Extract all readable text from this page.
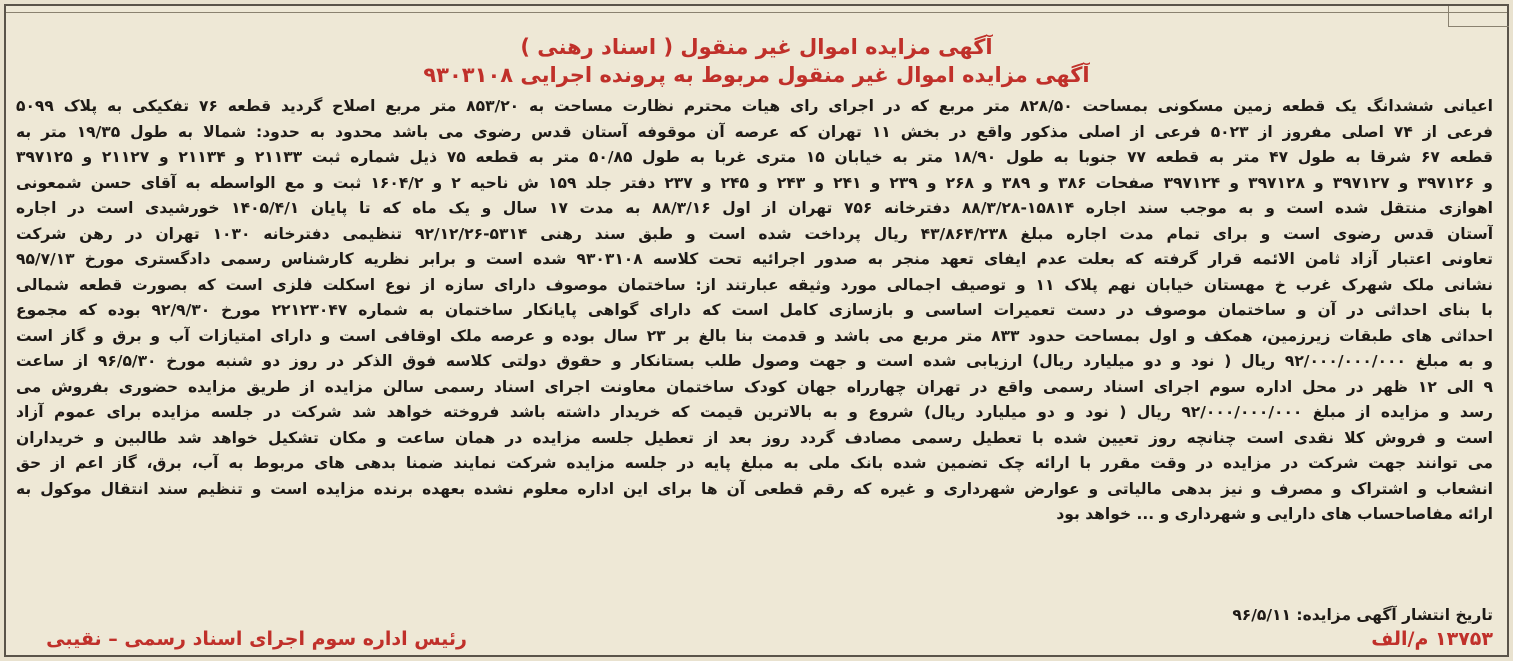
آگهی مزایده اموال غیر منقول ( اسناد رهنی )

آگهی مزایده اموال غیر منقول مربوط به پرونده اجرایی ۹۳۰۳۱۰۸

اعیانی ششدانگ یک قطعه زمین مسکونی بمساحت ۸۲۸/۵۰ متر مربع که در اجرای رای هیات محترم نظارت مساحت به ۸۵۳/۲۰ متر مربع اصلاح گردید قطعه ۷۶ تفکیکی به پلاک ۵۰۹۹
فرعی از ۷۴ اصلی مفروز از ۵۰۲۳ فرعی از اصلی مذکور واقع در بخش ۱۱ تهران که عرصه آن موقوفه آستان قدس رضوی می باشد محدود به حدود: شمالا به طول ۱۹/۳۵ متر به
قطعه ۶۷ شرقا به طول ۴۷ متر به قطعه ۷۷ جنوبا به طول ۱۸/۹۰ متر به خیابان ۱۵ متری غربا به طول ۵۰/۸۵ متر به قطعه ۷۵ ذیل شماره ثبت ۲۱۱۳۳ و ۲۱۱۳۴ و ۲۱۱۲۷ و ۳۹۷۱۲۵
و ۳۹۷۱۲۶ و ۳۹۷۱۲۷ و ۳۹۷۱۲۸ و ۳۹۷۱۲۴ صفحات ۳۸۶ و ۳۸۹ و ۲۶۸ و ۲۳۹ و ۲۴۱ و ۲۴۳ و ۲۴۵ و ۲۳۷ دفتر جلد ۱۵۹ ش ناحیه ۲ و ۱۶۰۴/۲ ثبت و مع الواسطه به آقای حسن شمعونی
اهوازی منتقل شده است و به موجب سند اجاره ۱۵۸۱۴-۸۸/۳/۲۸ دفترخانه ۷۵۶ تهران از اول ۸۸/۳/۱۶ به مدت ۱۷ سال و یک ماه که تا پایان ۱۴۰۵/۴/۱ خورشیدی است در اجاره
آستان قدس رضوی است و برای تمام مدت اجاره مبلغ ۴۳/۸۶۴/۲۳۸ ریال پرداخت شده است و طبق سند رهنی ۵۳۱۴-۹۲/۱۲/۲۶ تنظیمی دفترخانه ۱۰۳۰ تهران در رهن شرکت
تعاونی اعتبار آزاد ثامن الائمه قرار گرفته که بعلت عدم ایفای تعهد منجر به صدور اجرائیه تحت کلاسه ۹۳۰۳۱۰۸ شده است و برابر نظریه کارشناس رسمی دادگستری مورخ ۹۵/۷/۱۳
نشانی ملک شهرک غرب خ مهستان خیابان نهم پلاک ۱۱ و توصیف اجمالی مورد وثیقه عبارتند از: ساختمان موصوف دارای سازه از نوع اسکلت فلزی است که بصورت قطعه شمالی
با بنای احداثی در آن و ساختمان موصوف در دست تعمیرات اساسی و بازسازی کامل است که دارای گواهی پایانکار ساختمان به شماره ۲۲۱۲۳۰۴۷ مورخ ۹۲/۹/۳۰ بوده که مجموع
احداثی های طبقات زیرزمین، همکف و اول بمساحت حدود ۸۳۳ متر مربع می باشد و قدمت بنا بالغ بر ۲۳ سال بوده و عرصه ملک اوقافی است و دارای امتیازات آب و برق و گاز است
و به مبلغ ۹۲/۰۰۰/۰۰۰/۰۰۰ ریال ( نود و دو میلیارد ریال) ارزیابی شده است و جهت وصول طلب بستانکار و حقوق دولتی کلاسه فوق الذکر در روز دو شنبه مورخ ۹۶/۵/۳۰ از ساعت
۹ الی ۱۲ ظهر در محل اداره سوم اجرای اسناد رسمی واقع در تهران چهارراه جهان کودک ساختمان معاونت اجرای اسناد رسمی سالن مزایده از طریق مزایده حضوری بفروش می
رسد و مزایده از مبلغ ۹۲/۰۰۰/۰۰۰/۰۰۰ ریال ( نود و دو میلیارد ریال) شروع و به بالاترین قیمت که خریدار داشته باشد فروخته خواهد شد شرکت در جلسه مزایده برای عموم آزاد
است و فروش کلا نقدی است چنانچه روز تعیین شده با تعطیل رسمی مصادف گردد روز بعد از تعطیل جلسه مزایده در همان ساعت و مکان تشکیل خواهد شد طالبین و خریداران
می توانند جهت شرکت در مزایده در وقت مقرر با ارائه چک تضمین شده بانک ملی به مبلغ پایه در جلسه مزایده شرکت نمایند ضمنا بدهی های مربوط به آب، برق، گاز اعم از حق
انشعاب و اشتراک و مصرف و نیز بدهی مالیاتی و عوارض شهرداری و غیره که رقم قطعی آن ها برای این اداره معلوم نشده بعهده برنده مزایده است و تنظیم سند انتقال موکول به
ارائه مفاصاحساب های دارایی و شهرداری و ... خواهد بود
تاریخ انتشار آگهی مزایده: ۹۶/۵/۱۱
رئیس اداره سوم اجرای اسناد رسمی – نقیبی	۱۳۷۵۳ م/الف
